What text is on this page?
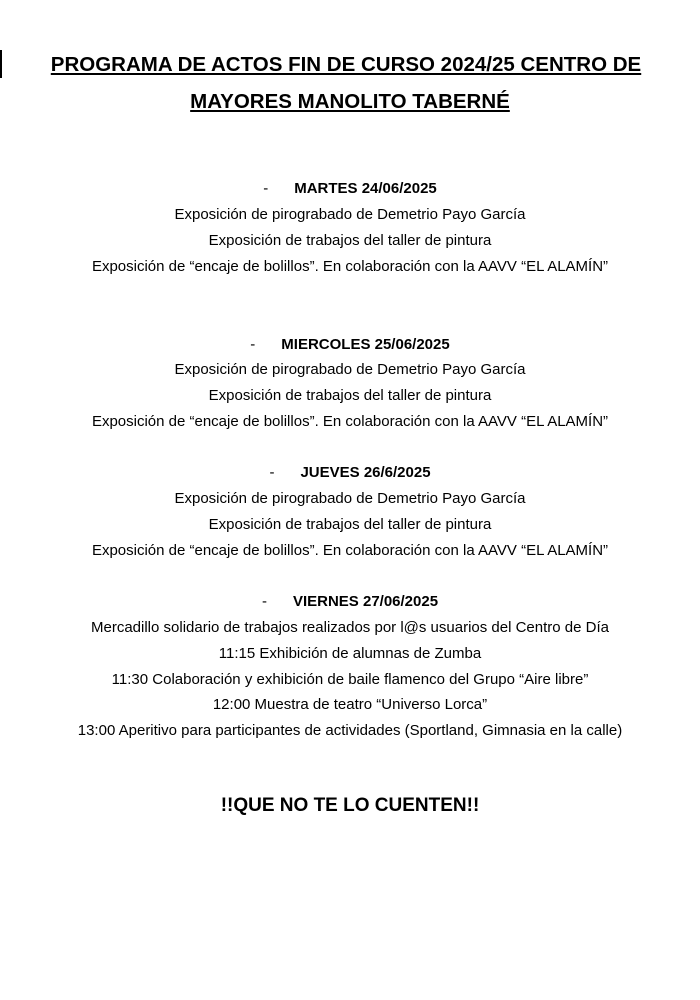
PROGRAMA DE ACTOS FIN DE CURSO 2024/25 CENTRO DE
MAYORES MANOLITO TABERNÉ
- MARTES 24/06/2025
Exposición de pirograbado de Demetrio Payo García
Exposición de trabajos del taller de pintura
Exposición de “encaje de bolillos”. En colaboración con la AAVV “EL ALAMÍN”
- MIERCOLES 25/06/2025
Exposición de pirograbado de Demetrio Payo García
Exposición de trabajos del taller de pintura
Exposición de “encaje de bolillos”. En colaboración con la AAVV “EL ALAMÍN”
- JUEVES 26/6/2025
Exposición de pirograbado de Demetrio Payo García
Exposición de trabajos del taller de pintura
Exposición de “encaje de bolillos”. En colaboración con la AAVV “EL ALAMÍN”
- VIERNES 27/06/2025
Mercadillo solidario de trabajos realizados por l@s usuarios del Centro de Día
11:15 Exhibición de alumnas de Zumba
11:30 Colaboración y exhibición de baile flamenco del Grupo “Aire libre”
12:00 Muestra de teatro “Universo Lorca”
13:00 Aperitivo para participantes de actividades (Sportland, Gimnasia en la calle)
!!QUE NO TE LO CUENTEN!!
